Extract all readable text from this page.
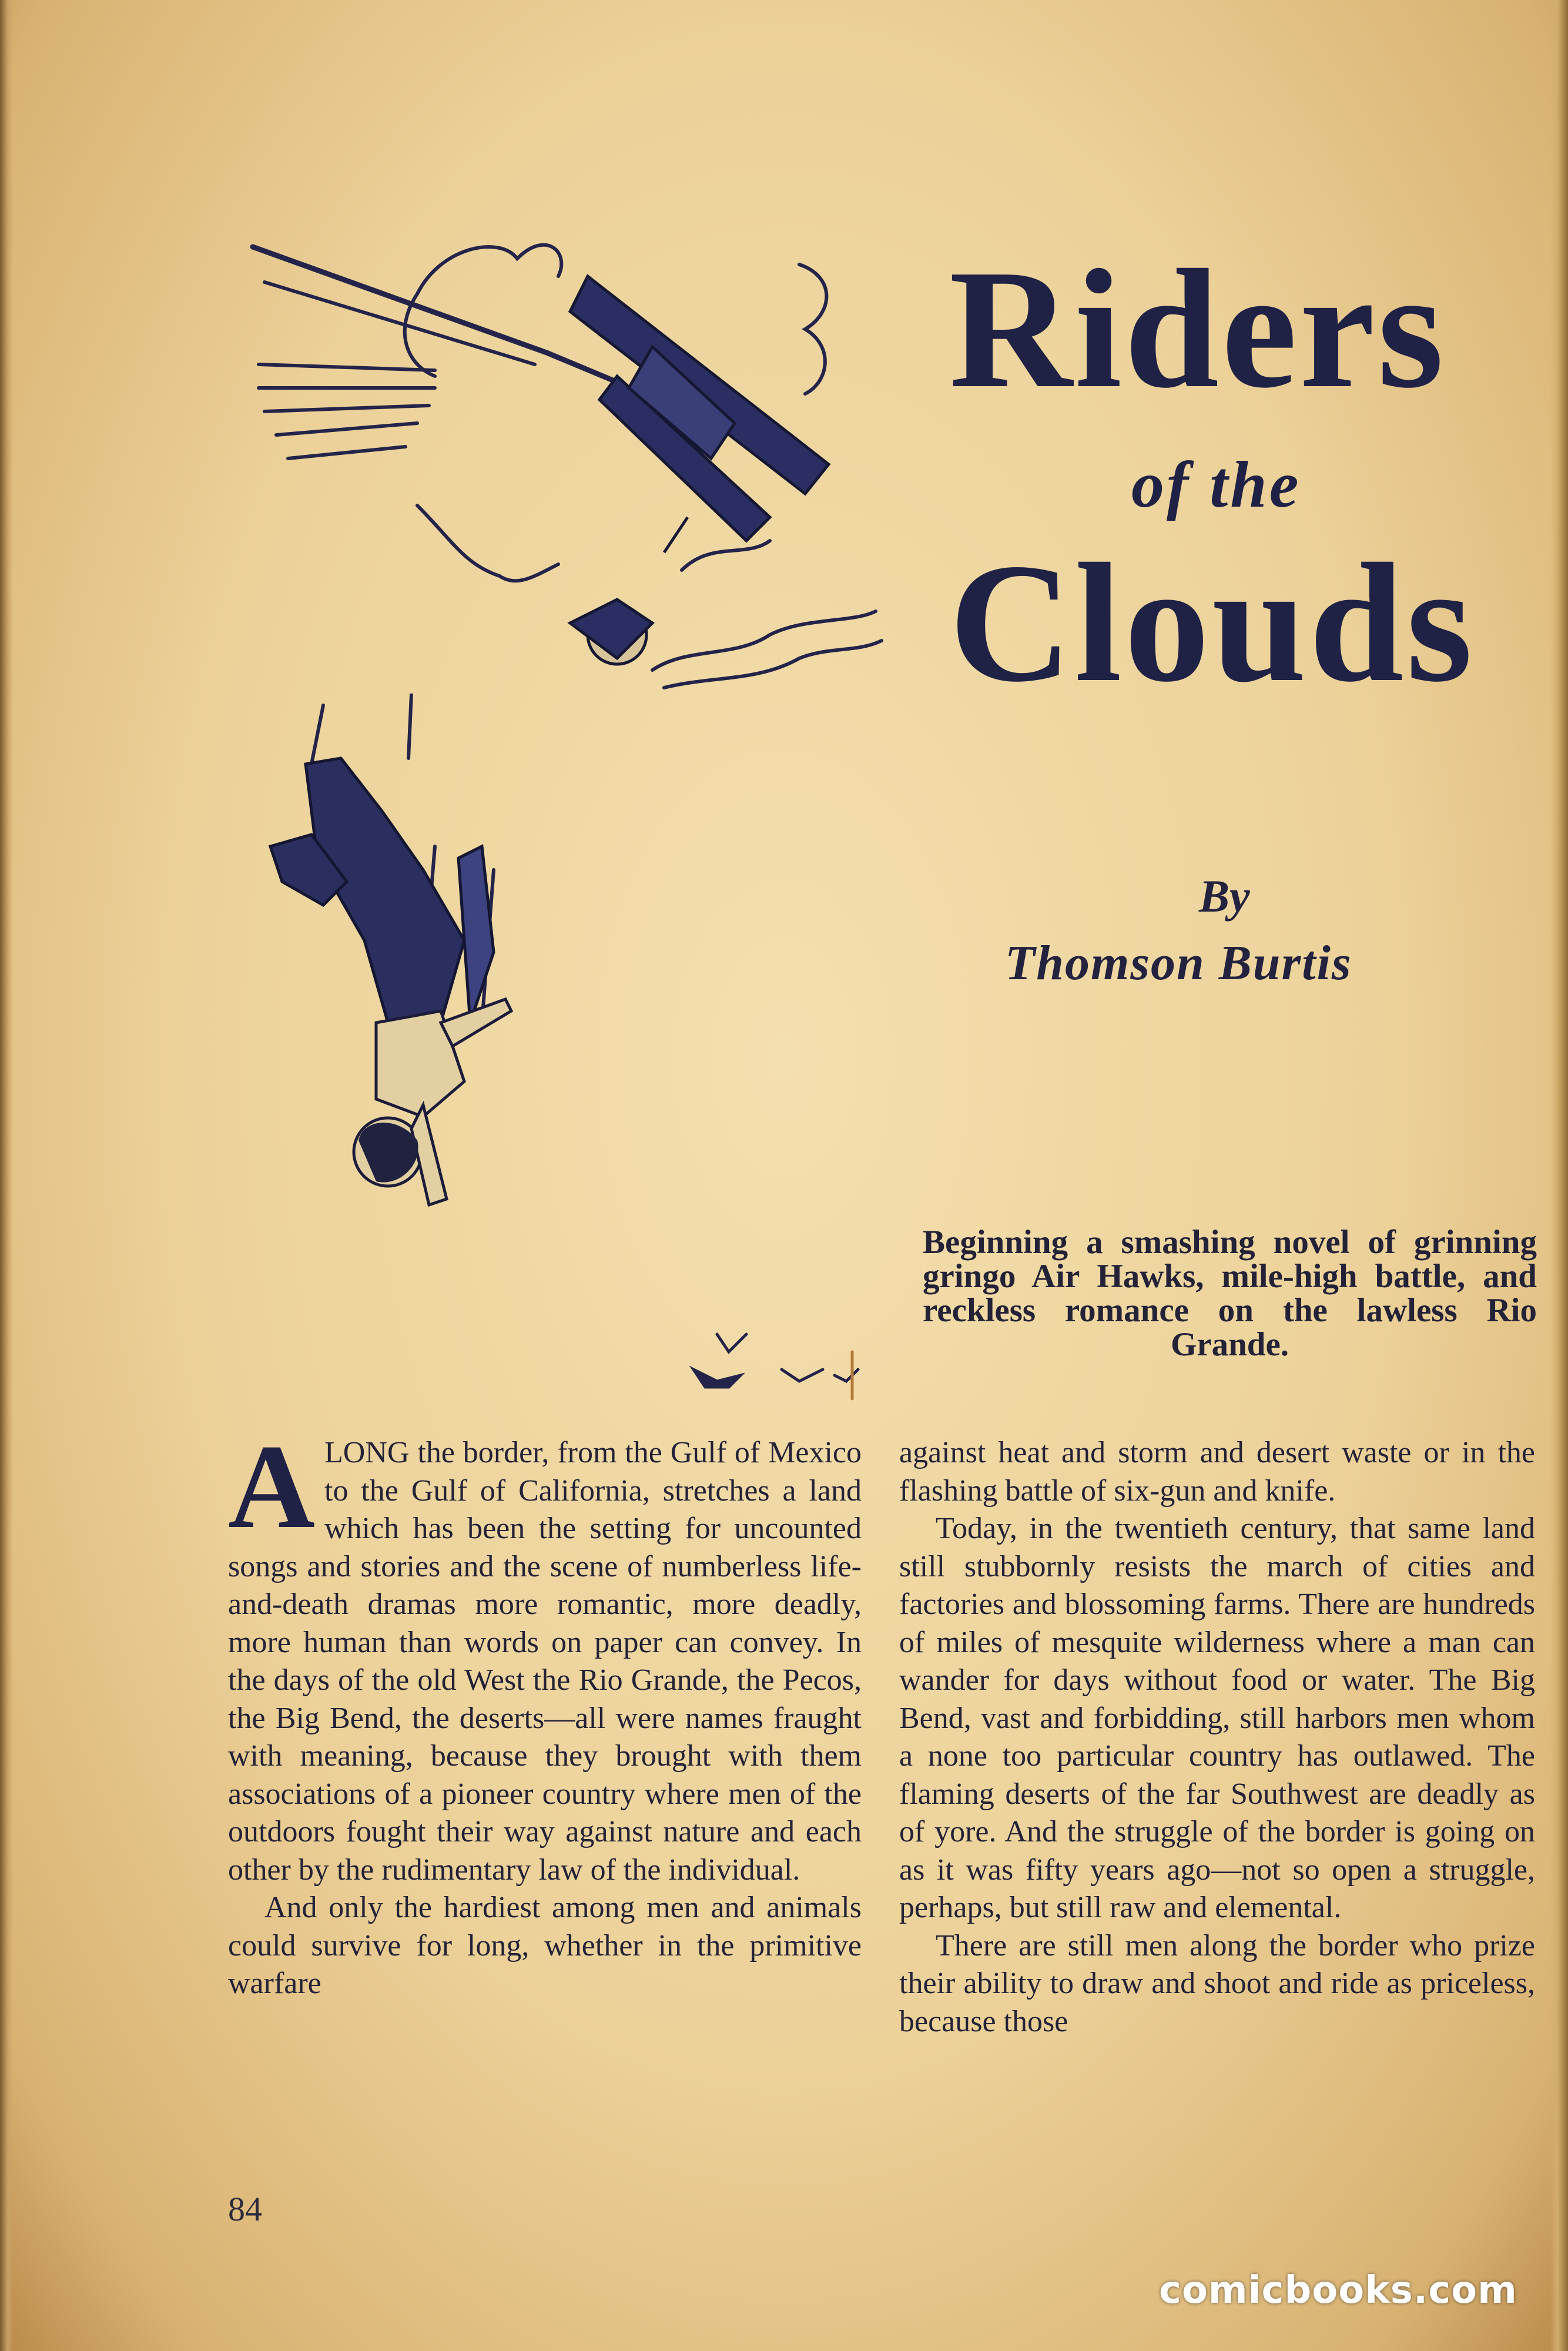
Riders
of the
Clouds
By
Thomson Burtis
Beginning a smashing novel of grinning gringo Air Hawks, mile-high battle, and reckless romance on the lawless Rio Grande.

ALONG the border, from the Gulf of Mexico to the Gulf of California, stretches a land which has been the setting for uncounted songs and stories and the scene of numberless life-and-death dramas more romantic, more deadly, more human than words on paper can convey. In the days of the old West the Rio Grande, the Pecos, the Big Bend, the deserts—all were names fraught with meaning, because they brought with them associations of a pioneer country where men of the outdoors fought their way against nature and each other by the rudimentary law of the individual.

And only the hardiest among men and animals could survive for long, whether in the primitive warfare

against heat and storm and desert waste or in the flashing battle of six-gun and knife.

Today, in the twentieth century, that same land still stubbornly resists the march of cities and factories and blossoming farms. There are hundreds of miles of mesquite wilderness where a man can wander for days without food or water. The Big Bend, vast and forbidding, still harbors men whom a none too particular country has outlawed. The flaming deserts of the far Southwest are deadly as of yore. And the struggle of the border is going on as it was fifty years ago—not so open a struggle, perhaps, but still raw and elemental.

There are still men along the border who prize their ability to draw and shoot and ride as priceless, because those

84
comicbooks.com
